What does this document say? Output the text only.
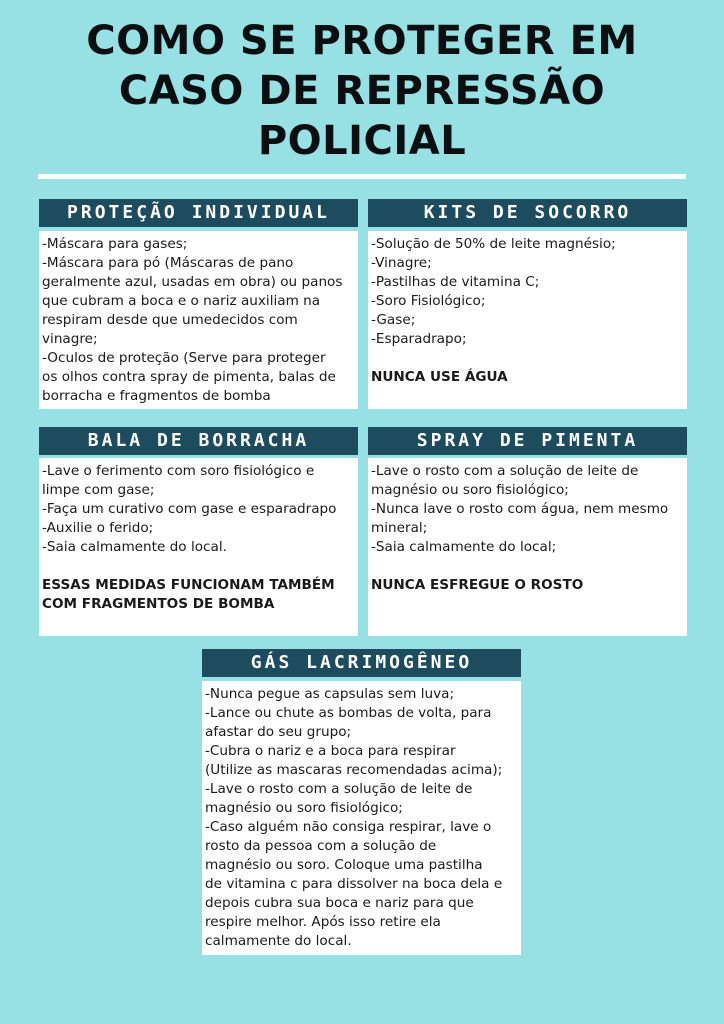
COMO SE PROTEGER EM
CASO DE REPRESSÃO
POLICIAL
PROTEÇÃO INDIVIDUAL
-Máscara para gases;
-Máscara para pó (Máscaras de pano
geralmente azul, usadas em obra) ou panos
que cubram a boca e o nariz auxiliam na
respiram desde que umedecidos com
vinagre;
-Oculos de proteção (Serve para proteger
os olhos contra spray de pimenta, balas de
borracha e fragmentos de bomba
KITS DE SOCORRO
-Solução de 50% de leite magnésio;
-Vinagre;
-Pastilhas de vitamina C;
-Soro Fisiológico;
-Gase;
-Esparadrapo;
NUNCA USE ÁGUA
BALA DE BORRACHA
-Lave o ferimento com soro fisiológico e
limpe com gase;
-Faça um curativo com gase e esparadrapo
-Auxilie o ferido;
-Saia calmamente do local.
ESSAS MEDIDAS FUNCIONAM TAMBÉM
COM FRAGMENTOS DE BOMBA
SPRAY DE PIMENTA
-Lave o rosto com a solução de leite de
magnésio ou soro fisiológico;
-Nunca lave o rosto com água, nem mesmo
mineral;
-Saia calmamente do local;
NUNCA ESFREGUE O ROSTO
GÁS LACRIMOGÊNEO
-Nunca pegue as capsulas sem luva;
-Lance ou chute as bombas de volta, para
afastar do seu grupo;
-Cubra o nariz e a boca para respirar
(Utilize as mascaras recomendadas acima);
-Lave o rosto com a solução de leite de
magnésio ou soro fisiológico;
-Caso alguém não consiga respirar, lave o
rosto da pessoa com a solução de
magnésio ou soro. Coloque uma pastilha
de vitamina c para dissolver na boca dela e
depois cubra sua boca e nariz para que
respire melhor. Após isso retire ela
calmamente do local.
